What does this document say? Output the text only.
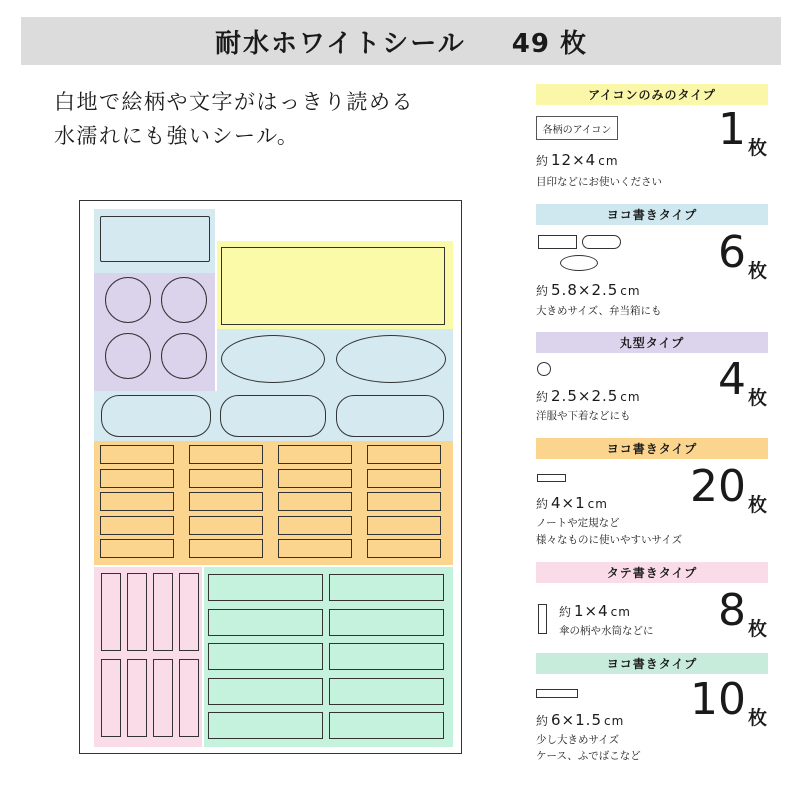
耐水ホワイトシール 49 枚
白地で絵柄や文字がはっきり読める
水濡れにも強いシール。
アイコンのみのタイプ
各柄のアイコン
約 12×4 cm
目印などにお使いください
1 枚
ヨコ書きタイプ
約 5.8×2.5 cm
大きめサイズ、弁当箱にも
6 枚
丸型タイプ
約 2.5×2.5 cm
洋服や下着などにも
4 枚
ヨコ書きタイプ
約 4×1 cm
ノートや定規など
様々なものに使いやすいサイズ
20 枚
タテ書きタイプ
約 1×4 cm
傘の柄や水筒などに	8 枚
ヨコ書きタイプ
約 6×1.5 cm
少し大きめサイズ
ケース、ふでばこなど
10 枚
